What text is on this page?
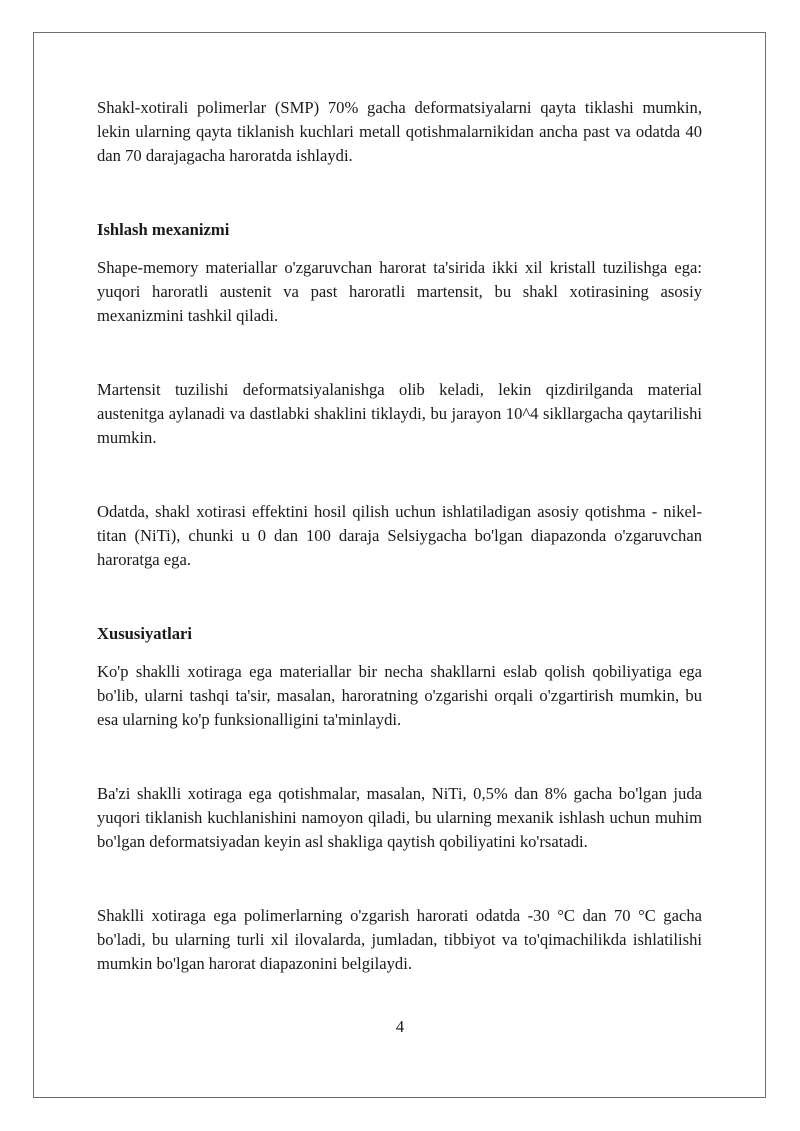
Shakl-xotirali polimerlar (SMP) 70% gacha deformatsiyalarni qayta tiklashi mumkin, lekin ularning qayta tiklanish kuchlari metall qotishmalarnikidan ancha past va odatda 40 dan 70 darajagacha haroratda ishlaydi.

Ishlash mexanizmi

Shape-memory materiallar o'zgaruvchan harorat ta'sirida ikki xil kristall tuzilishga ega: yuqori haroratli austenit va past haroratli martensit, bu shakl xotirasining asosiy mexanizmini tashkil qiladi.

Martensit tuzilishi deformatsiyalanishga olib keladi, lekin qizdirilganda material austenitga aylanadi va dastlabki shaklini tiklaydi, bu jarayon 10^4 sikllargacha qaytarilishi mumkin.

Odatda, shakl xotirasi effektini hosil qilish uchun ishlatiladigan asosiy qotishma - nikel-titan (NiTi), chunki u 0 dan 100 daraja Selsiygacha bo'lgan diapazonda o'zgaruvchan haroratga ega.

Xususiyatlari

Ko'p shaklli xotiraga ega materiallar bir necha shakllarni eslab qolish qobiliyatiga ega bo'lib, ularni tashqi ta'sir, masalan, haroratning o'zgarishi orqali o'zgartirish mumkin, bu esa ularning ko'p funksionalligini ta'minlaydi.

Ba'zi shaklli xotiraga ega qotishmalar, masalan, NiTi, 0,5% dan 8% gacha bo'lgan juda yuqori tiklanish kuchlanishini namoyon qiladi, bu ularning mexanik ishlash uchun muhim bo'lgan deformatsiyadan keyin asl shakliga qaytish qobiliyatini ko'rsatadi.

Shaklli xotiraga ega polimerlarning o'zgarish harorati odatda -30 °C dan 70 °C gacha bo'ladi, bu ularning turli xil ilovalarda, jumladan, tibbiyot va to'qimachilikda ishlatilishi mumkin bo'lgan harorat diapazonini belgilaydi.

4
